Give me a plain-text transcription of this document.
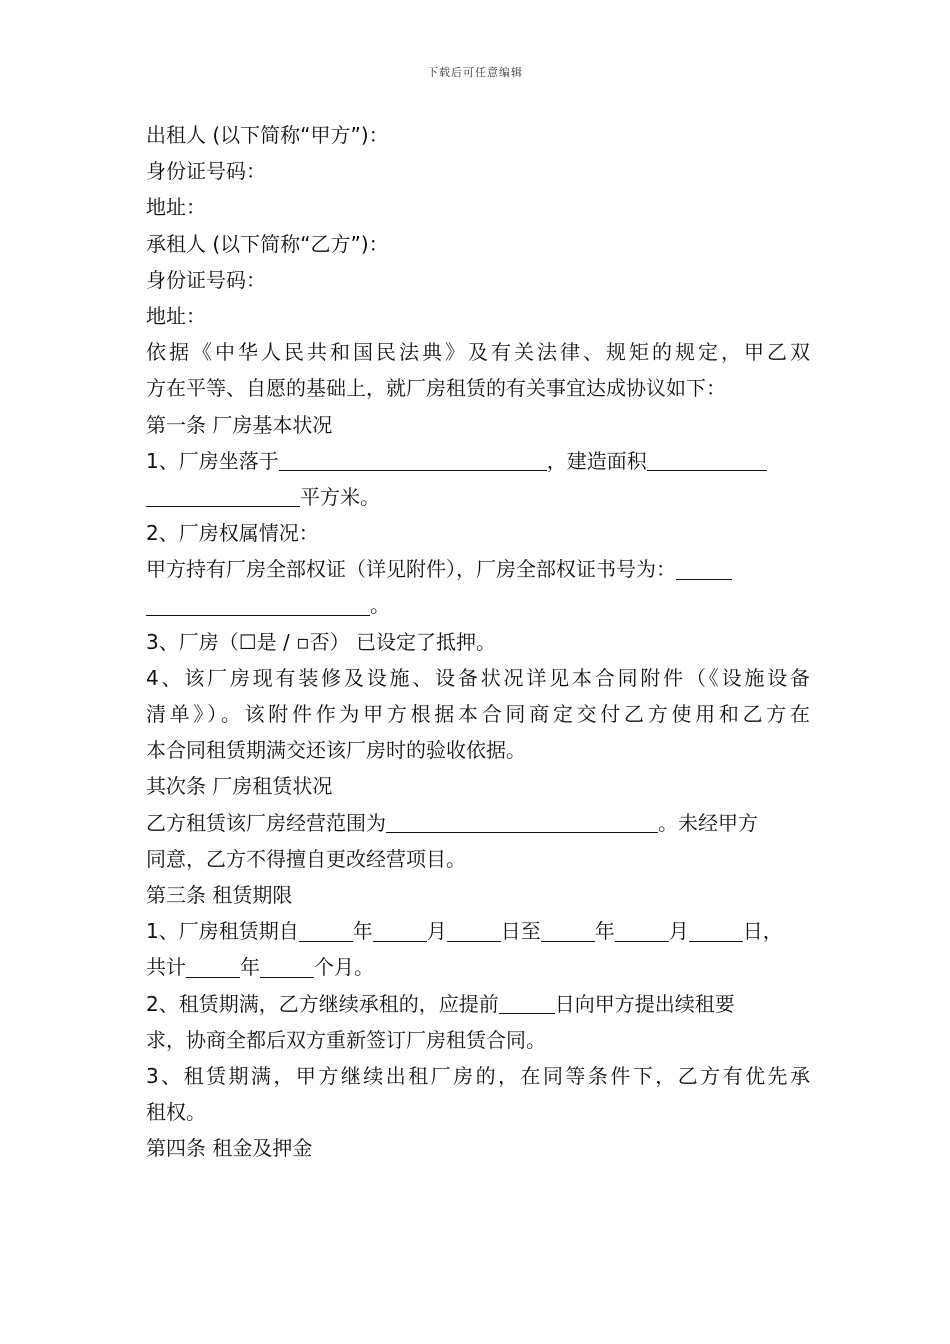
下载后可任意编辑
出租人 (以下简称“甲方”)：
身份证号码：
地址：
承租人 (以下简称“乙方”)：
身份证号码：
地址：
依据《中华人民共和国民法典》及有关法律、规矩的规定，甲乙双
方在平等、自愿的基础上，就厂房租赁的有关事宜达成协议如下：
第一条 厂房基本状况
1、厂房坐落于	，建造面积
平方米。
2、厂房权属情况：
甲方持有厂房全部权证（详见附件），厂房全部权证书号为：
。
3、厂房（☐是 / ▫否） 已设定了抵押。
4、该厂房现有装修及设施、设备状况详见本合同附件（《设施设备
清单》）。该附件作为甲方根据本合同商定交付乙方使用和乙方在
本合同租赁期满交还该厂房时的验收依据。
其次条 厂房租赁状况
乙方租赁该厂房经营范围为	。未经甲方
同意，乙方不得擅自更改经营项目。
第三条 租赁期限
1、厂房租赁期自	年	月	日至	年	月	日，
共计	年	个月。
2、租赁期满，乙方继续承租的，应提前	日向甲方提出续租要
求，协商全都后双方重新签订厂房租赁合同。
3、租赁期满，甲方继续出租厂房的，在同等条件下，乙方有优先承
租权。
第四条 租金及押金
